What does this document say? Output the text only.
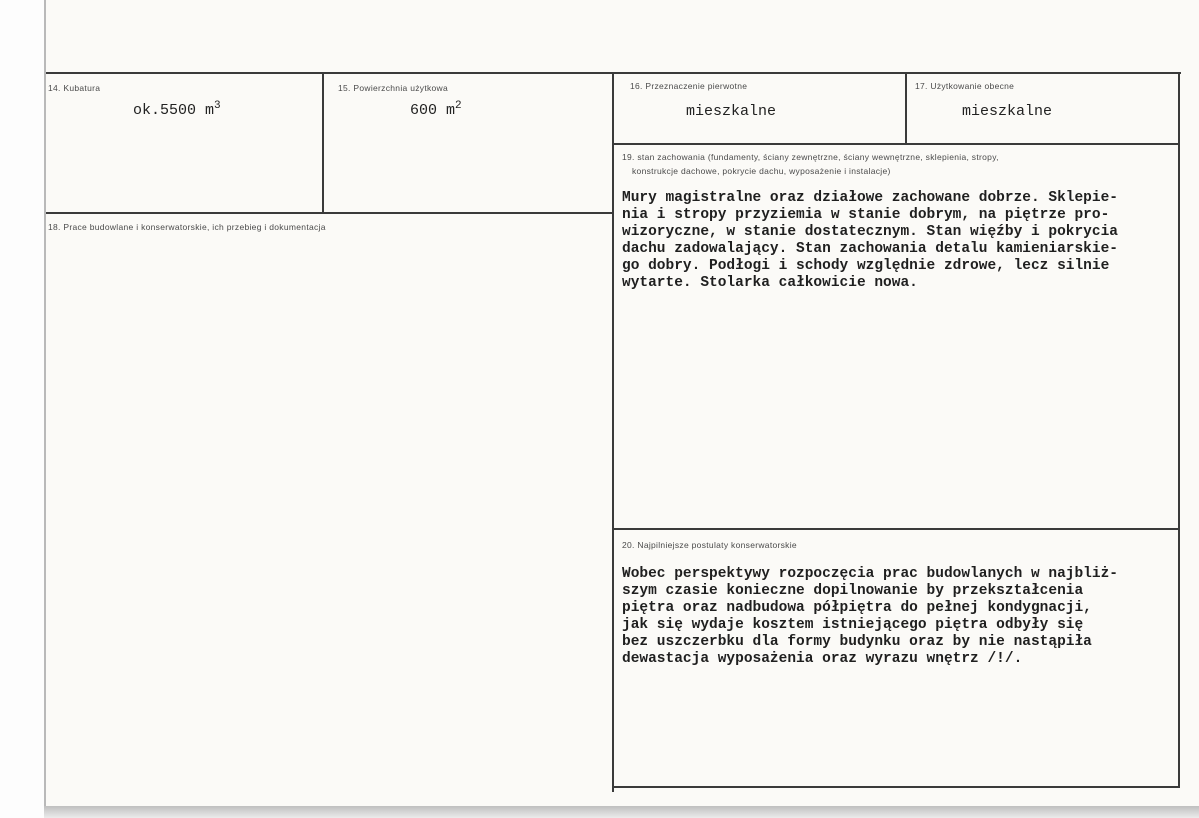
14. Kubatura
ok.5500 $m^3$
15. Powierzchnia użytkowa
600 $m^2$
16. Przeznaczenie pierwotne
mieszkalne
17. Użytkowanie obecne
mieszkalne
18. Prace budowlane i konserwatorskie, ich przebieg i dokumentacja
19. stan zachowania (fundamenty, ściany zewnętrzne, ściany wewnętrzne, sklepienia, stropy,
konstrukcje dachowe, pokrycie dachu, wyposażenie i instalacje)
Mury magistralne oraz działowe zachowane dobrze. Sklepie-
nia i stropy przyziemia w stanie dobrym, na piętrze pro-
wizoryczne, w stanie dostatecznym. Stan więźby i pokrycia
dachu zadowalający. Stan zachowania detalu kamieniarskie-
go dobry. Podłogi i schody względnie zdrowe, lecz silnie
wytarte. Stolarka całkowicie nowa.
20. Najpilniejsze postulaty konserwatorskie
Wobec perspektywy rozpoczęcia prac budowlanych w najbliż-
szym czasie konieczne dopilnowanie by przekształcenia
piętra oraz nadbudowa półpiętra do pełnej kondygnacji,
jak się wydaje kosztem istniejącego piętra odbyły się
bez uszczerbku dla formy budynku oraz by nie nastąpiła
dewastacja wyposażenia oraz wyrazu wnętrz /!/.
